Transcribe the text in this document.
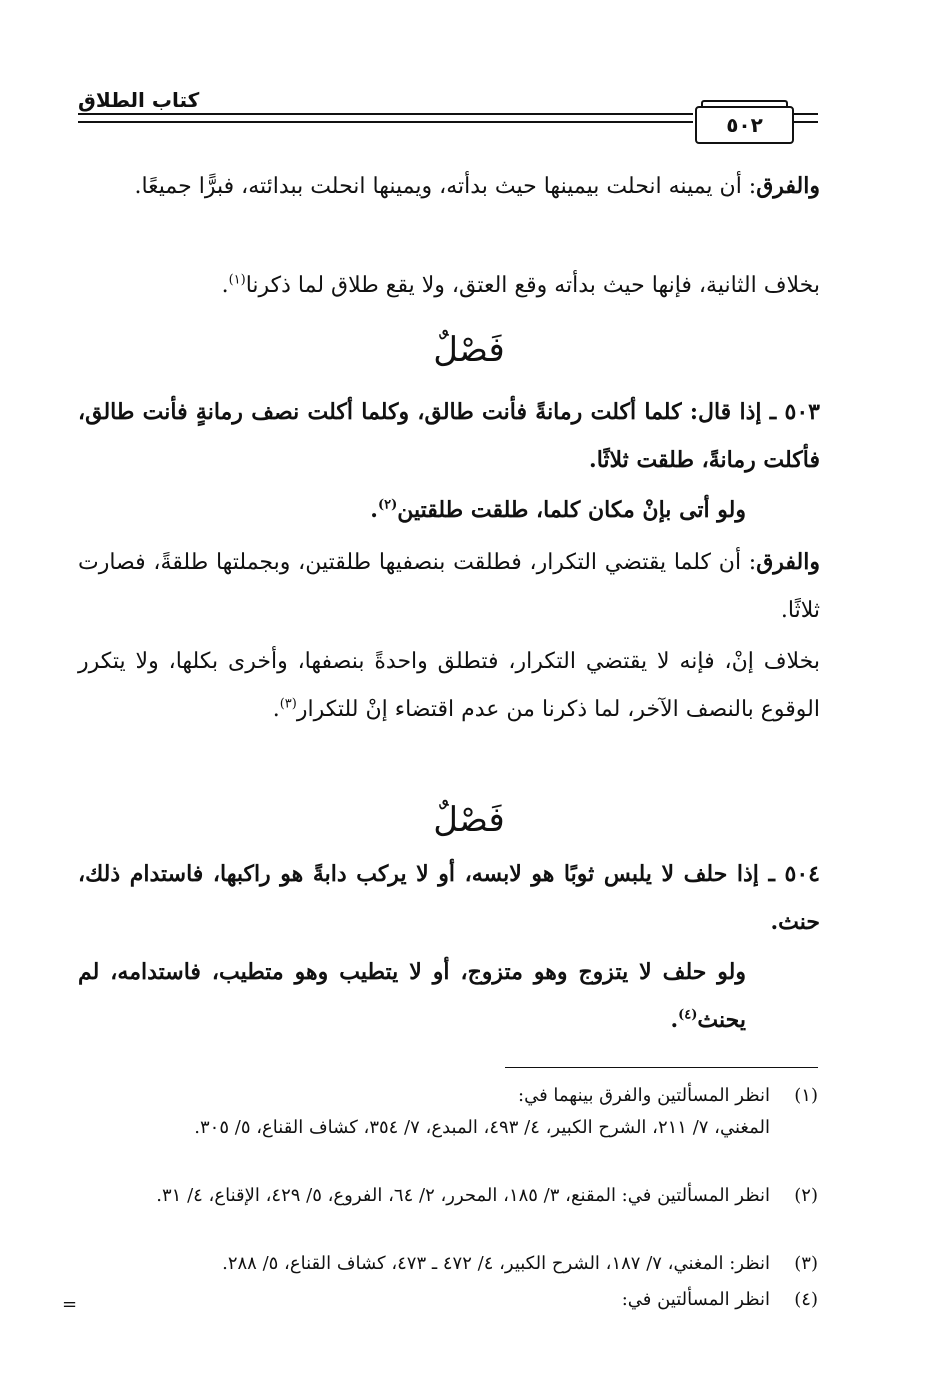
كتاب الطلاق
٥٠٢
والفرق: أن يمينه انحلت بيمينها حيث بدأته، ويمينها انحلت ببدائته، فبرًّا جميعًا.
بخلاف الثانية، فإنها حيث بدأته وقع العتق، ولا يقع طلاق لما ذكرنا$^{(١)}$.
فَصْلٌ
٥٠٣ ـ إذا قال: كلما أكلت رمانةً فأنت طالق، وكلما أكلت نصف رمانةٍ فأنت طالق، فأكلت رمانةً، طلقت ثلاثًا.
ولو أتى بإنْ مكان كلما، طلقت طلقتين$^{(٢)}$.
والفرق: أن كلما يقتضي التكرار، فطلقت بنصفيها طلقتين، وبجملتها طلقةً، فصارت ثلاثًا.
بخلاف إنْ، فإنه لا يقتضي التكرار، فتطلق واحدةً بنصفها، وأخرى بكلها، ولا يتكرر الوقوع بالنصف الآخر، لما ذكرنا من عدم اقتضاء إنْ للتكرار$^{(٣)}$.
فَصْلٌ
٥٠٤ ـ إذا حلف لا يلبس ثوبًا هو لابسه، أو لا يركب دابةً هو راكبها، فاستدام ذلك، حنث.
ولو حلف لا يتزوج وهو متزوج، أو لا يتطيب وهو متطيب، فاستدامه، لم يحنث$^{(٤)}$.
(١)
انظر المسألتين والفرق بينهما في:
المغني، ٧/ ٢١١، الشرح الكبير، ٤/ ٤٩٣، المبدع، ٧/ ٣٥٤، كشاف القناع، ٥/ ٣٠٥.
(٢)
انظر المسألتين في: المقنع، ٣/ ١٨٥، المحرر، ٢/ ٦٤، الفروع، ٥/ ٤٢٩، الإقناع، ٤/ ٣١.
(٣)
انظر: المغني، ٧/ ١٨٧، الشرح الكبير، ٤/ ٤٧٢ ـ ٤٧٣، كشاف القناع، ٥/ ٢٨٨.
(٤)
انظر المسألتين في:
=
